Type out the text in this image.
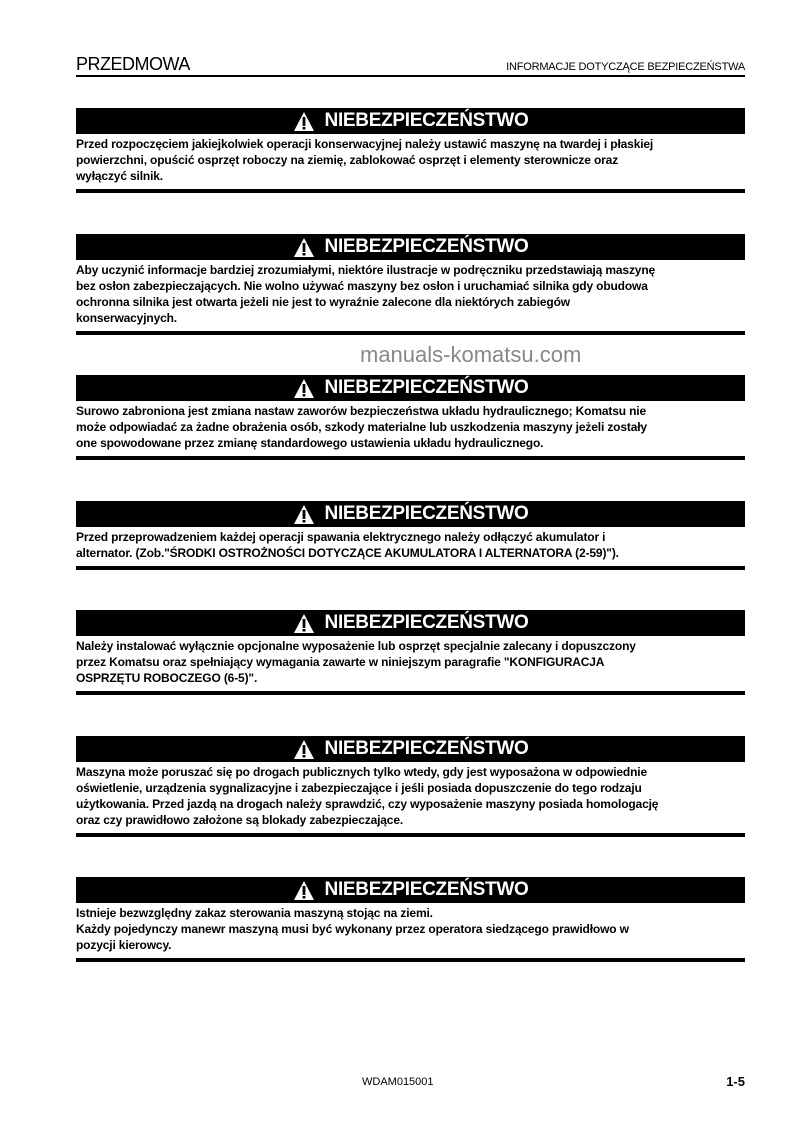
PRZEDMOWA	INFORMACJE DOTYCZĄCE BEZPIECZEŃSTWA
NIEBEZPIECZEŃSTWO
Przed rozpoczęciem jakiejkolwiek operacji konserwacyjnej należy ustawić maszynę na twardej i płaskiej
powierzchni, opuścić osprzęt roboczy na ziemię, zablokować osprzęt i elementy sterownicze oraz
wyłączyć silnik.
NIEBEZPIECZEŃSTWO
Aby uczynić informacje bardziej zrozumiałymi, niektóre ilustracje w podręczniku przedstawiają maszynę
bez osłon zabezpieczających. Nie wolno używać maszyny bez osłon i uruchamiać silnika gdy obudowa
ochronna silnika jest otwarta jeżeli nie jest to wyraźnie zalecone dla niektórych zabiegów
konserwacyjnych.
NIEBEZPIECZEŃSTWO
Surowo zabroniona jest zmiana nastaw zaworów bezpieczeństwa układu hydraulicznego; Komatsu nie
może odpowiadać za żadne obrażenia osób, szkody materialne lub uszkodzenia maszyny jeżeli zostały
one spowodowane przez zmianę standardowego ustawienia układu hydraulicznego.
NIEBEZPIECZEŃSTWO
Przed przeprowadzeniem każdej operacji spawania elektrycznego należy odłączyć akumulator i
alternator. (Zob."ŚRODKI OSTROŻNOŚCI DOTYCZĄCE AKUMULATORA I ALTERNATORA (2-59)").
NIEBEZPIECZEŃSTWO
Należy instalować wyłącznie opcjonalne wyposażenie lub osprzęt specjalnie zalecany i dopuszczony
przez Komatsu oraz spełniający wymagania zawarte w niniejszym paragrafie "KONFIGURACJA
OSPRZĘTU ROBOCZEGO (6-5)".
NIEBEZPIECZEŃSTWO
Maszyna może poruszać się po drogach publicznych tylko wtedy, gdy jest wyposażona w odpowiednie
oświetlenie, urządzenia sygnalizacyjne i zabezpieczające i jeśli posiada dopuszczenie do tego rodzaju
użytkowania. Przed jazdą na drogach należy sprawdzić, czy wyposażenie maszyny posiada homologację
oraz czy prawidłowo założone są blokady zabezpieczające.
NIEBEZPIECZEŃSTWO
Istnieje bezwzględny zakaz sterowania maszyną stojąc na ziemi.
Każdy pojedynczy manewr maszyną musi być wykonany przez operatora siedzącego prawidłowo w
pozycji kierowcy.
manuals-komatsu.com
WDAM015001	1-5
